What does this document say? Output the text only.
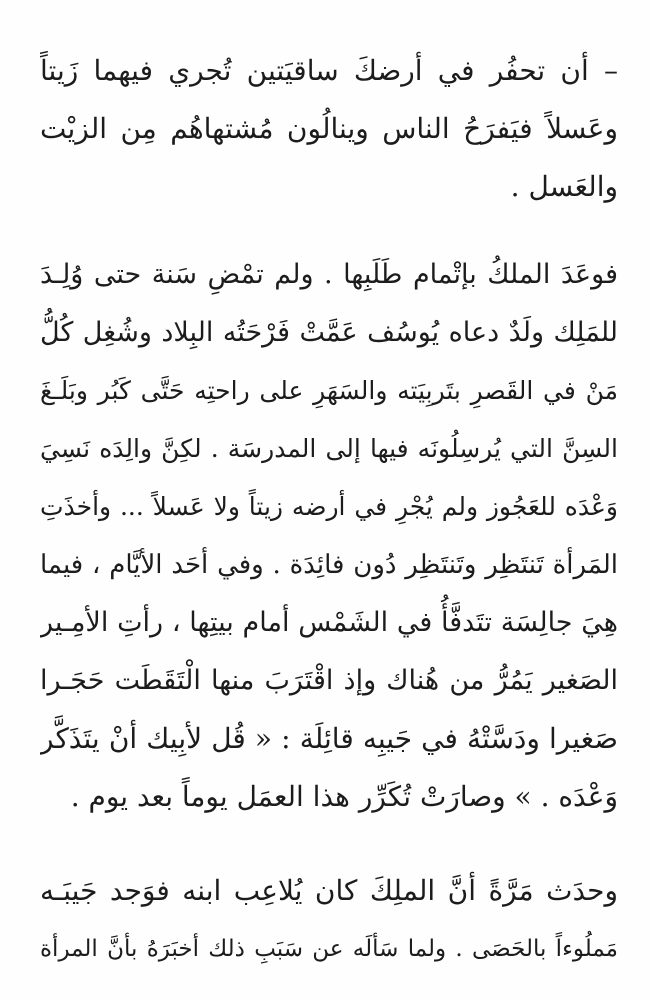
– أن تحفُر في أرضكَ ساقيَتين تُجري فيهما زَيتاً
وعَسلاً فيَفرَحُ الناس وينالُون مُشتهاهُم مِن الزيْت
والعَسل .
فوعَدَ الملكُ بإتْمام طَلَبِها . ولم تمْضِ سَنة حتى وُلِـدَ
للمَلِك ولَدٌ دعاه يُوسُف عَمَّتْ فَرْحَتُه البِلاد وشُغِل كُلُّ
مَنْ في القَصرِ بتَربِيَته والسَهَرِ على راحتِه حَتَّى كَبُر وبَلَـغَ
السِنَّ التي يُرسِلُونَه فيها إلى المدرسَة . لكِنَّ والِدَه نَسِيَ
وَعْدَه للعَجُوز ولم يُجْرِ في أرضه زيتاً ولا عَسلاً ... وأخذَتِ
المَرأة تَنتَظِر وتَنتَظِر دُون فائِدَة . وفي أحَد الأيَّام ، فيما
هِيَ جالِسَة تتَدفَّأُ في الشَمْس أمام بيتِها ، رأتِ الأمِـير
الصَغير يَمُرُّ من هُناك وإذ اقْتَرَبَ منها الْتَقَطَت حَجَـرا
صَغيرا ودَسَّتْهُ في جَيبِه قائِلَة : « قُل لأبِيك أنْ يتَذَكَّر
وَعْدَه . » وصارَتْ تُكَرِّر هذا العمَل يوماً بعد يوم .
وحدَث مَرَّةً أنَّ الملِكَ كان يُلاعِب ابنه فوَجد جَيبَـه
مَملُوءاً بالحَصَى . ولما سَألَه عن سَبَبِ ذلك أخبَرَهُ بأنَّ المرأة
